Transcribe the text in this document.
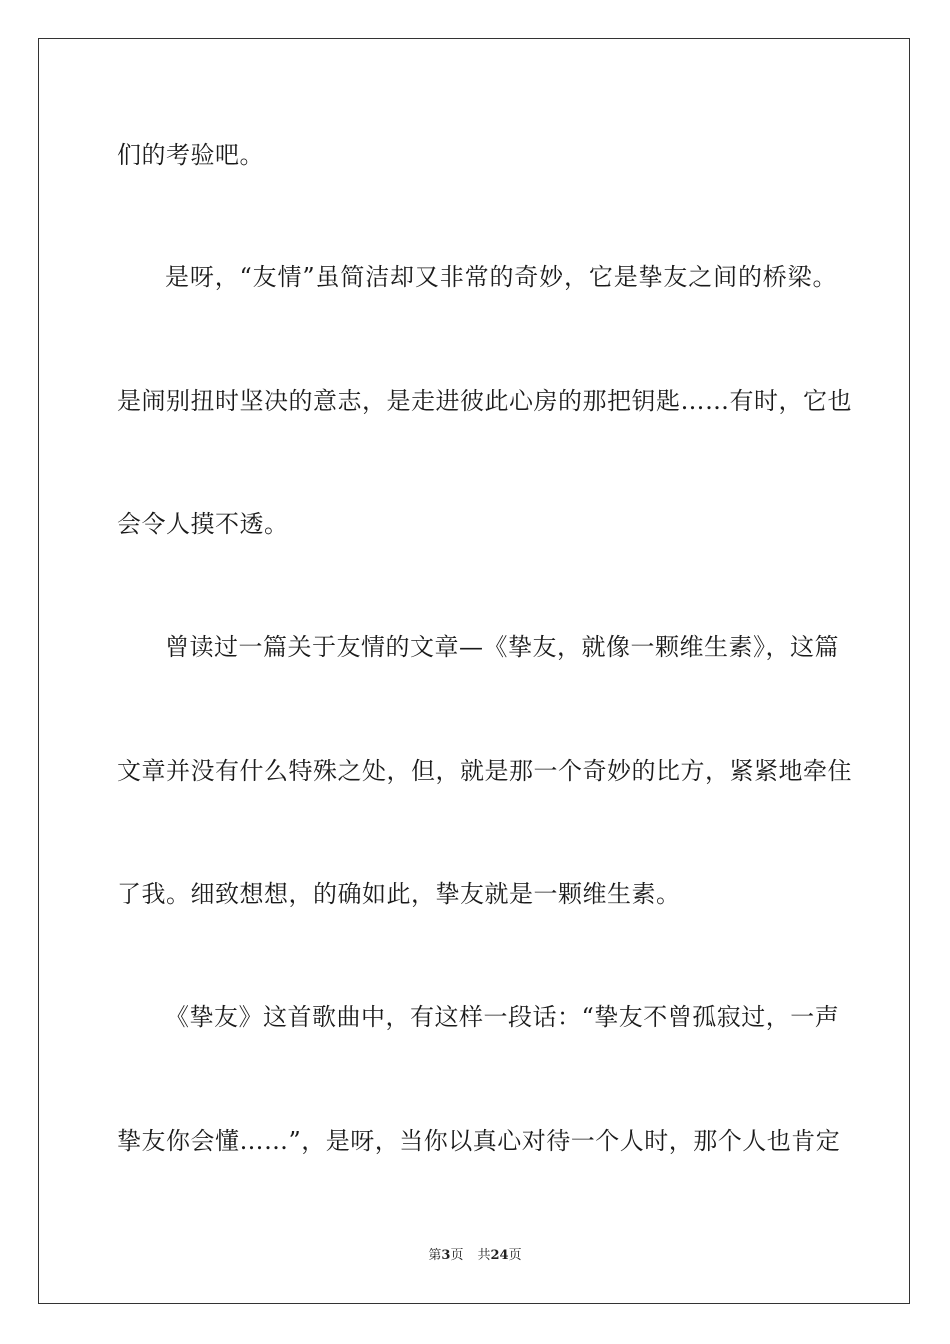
们的考验吧。
是呀，“友情”虽简洁却又非常的奇妙，它是挚友之间的桥梁。
是闹别扭时坚决的意志，是走进彼此心房的那把钥匙……有时，它也
会令人摸不透。
曾读过一篇关于友情的文章—《挚友，就像一颗维生素》，这篇
文章并没有什么特殊之处，但，就是那一个奇妙的比方，紧紧地牵住
了我。细致想想，的确如此，挚友就是一颗维生素。
《挚友》这首歌曲中，有这样一段话：“挚友不曾孤寂过，一声
挚友你会懂……”，是呀，当你以真心对待一个人时，那个人也肯定
第3页 共24页
